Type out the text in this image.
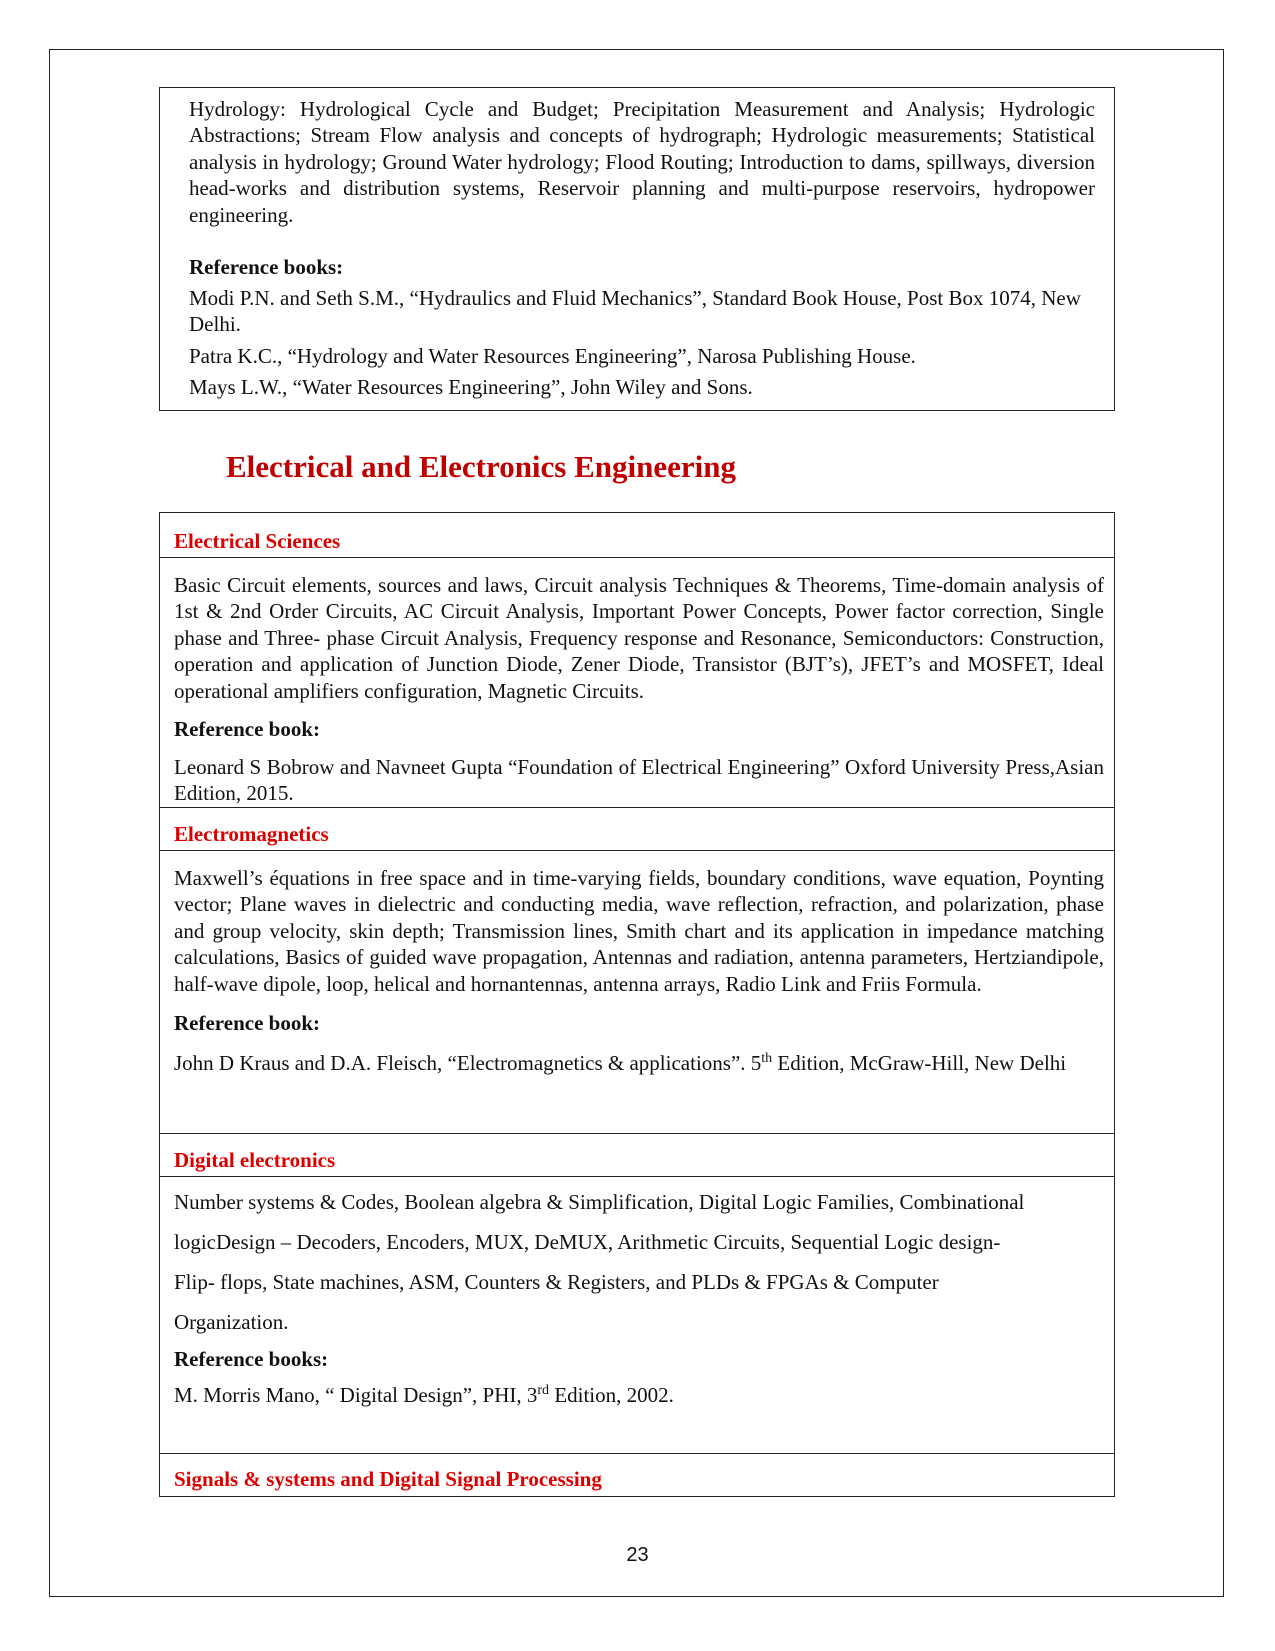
Hydrology: Hydrological Cycle and Budget; Precipitation Measurement and Analysis; Hydrologic Abstractions; Stream Flow analysis and concepts of hydrograph; Hydrologic measurements; Statistical analysis in hydrology; Ground Water hydrology; Flood Routing; Introduction to dams, spillways, diversion head-works and distribution systems, Reservoir planning and multi-purpose reservoirs, hydropower engineering.

Reference books:

Modi P.N. and Seth S.M., “Hydraulics and Fluid Mechanics”, Standard Book House, Post Box 1074, New Delhi.

Patra K.C., “Hydrology and Water Resources Engineering”, Narosa Publishing House.

Mays L.W., “Water Resources Engineering”, John Wiley and Sons.

Electrical and Electronics Engineering
Electrical Sciences

Basic Circuit elements, sources and laws, Circuit analysis Techniques & Theorems, Time-domain analysis of 1st & 2nd Order Circuits, AC Circuit Analysis, Important Power Concepts, Power factor correction, Single phase and Three- phase Circuit Analysis, Frequency response and Resonance, Semiconductors: Construction, operation and application of Junction Diode, Zener Diode, Transistor (BJT’s), JFET’s and MOSFET, Ideal operational amplifiers configuration, Magnetic Circuits.

Reference book:

Leonard S Bobrow and Navneet Gupta “Foundation of Electrical Engineering” Oxford University Press,Asian Edition, 2015.

Electromagnetics

Maxwell’s équations in free space and in time-varying fields, boundary conditions, wave equation, Poynting vector; Plane waves in dielectric and conducting media, wave reflection, refraction, and polarization, phase and group velocity, skin depth; Transmission lines, Smith chart and its application in impedance matching calculations, Basics of guided wave propagation, Antennas and radiation, antenna parameters, Hertziandipole, half-wave dipole, loop, helical and hornantennas, antenna arrays, Radio Link and Friis Formula.

Reference book:

John D Kraus and D.A. Fleisch, “Electromagnetics & applications”. 5th Edition, McGraw-Hill, New Delhi

Digital electronics

Number systems & Codes, Boolean algebra & Simplification, Digital Logic Families, Combinational

logicDesign – Decoders, Encoders, MUX, DeMUX, Arithmetic Circuits, Sequential Logic design-

Flip- flops, State machines, ASM, Counters & Registers, and PLDs & FPGAs & Computer

Organization.

Reference books:

M. Morris Mano, “ Digital Design”, PHI, 3rd Edition, 2002.

Signals & systems and Digital Signal Processing
23
